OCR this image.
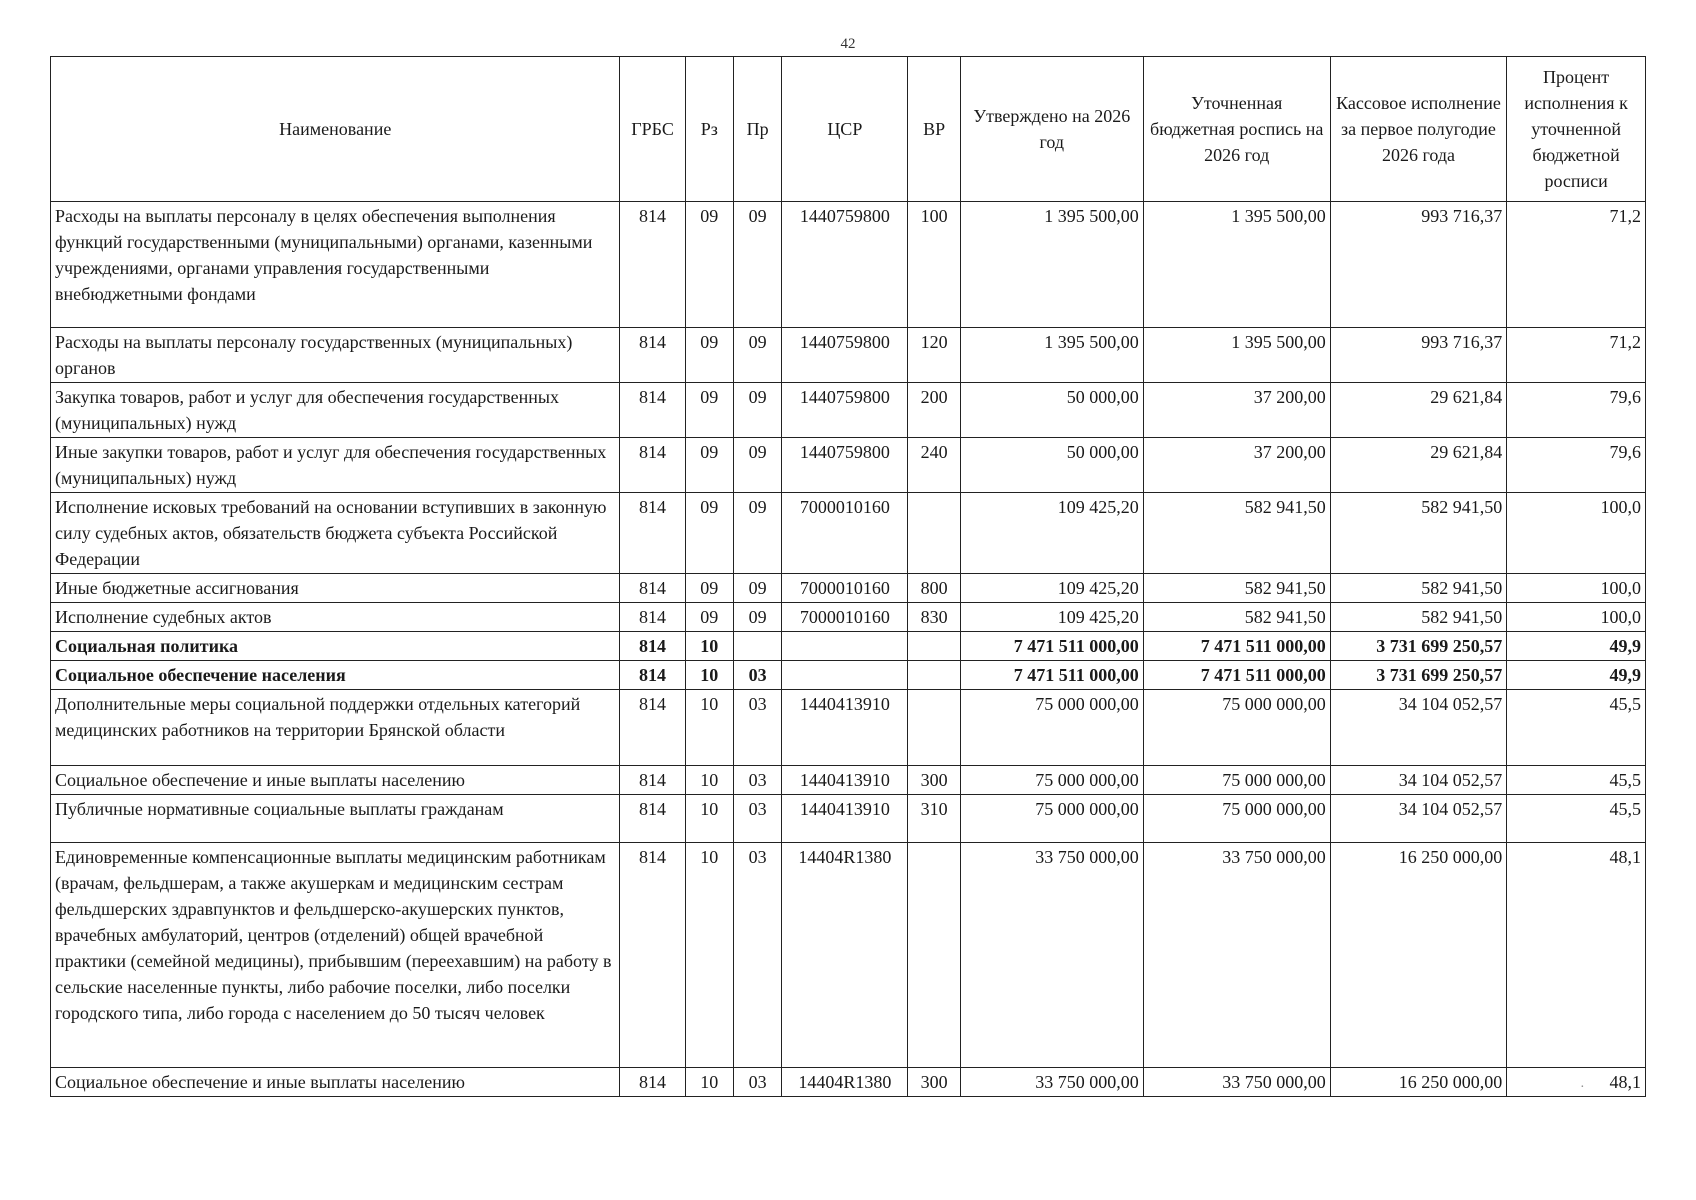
42
Наименование	ГРБС	Рз	Пр	ЦСР	ВР	Утверждено на 2026 год	Уточненная бюджетная роспись на 2026 год	Кассовое исполнение за первое полугодие 2026 года	Процент исполнения к уточненной бюджетной росписи
Расходы на выплаты персоналу в целях обеспечения выполнения функций государственными (муниципальными) органами, казенными учреждениями, органами управления государственными внебюджетными фондами	814	09	09	1440759800	100	1 395 500,00	1 395 500,00	993 716,37	71,2
Расходы на выплаты персоналу государственных (муниципальных) органов	814	09	09	1440759800	120	1 395 500,00	1 395 500,00	993 716,37	71,2
Закупка товаров, работ и услуг для обеспечения государственных (муниципальных) нужд	814	09	09	1440759800	200	50 000,00	37 200,00	29 621,84	79,6
Иные закупки товаров, работ и услуг для обеспечения государственных (муниципальных) нужд	814	09	09	1440759800	240	50 000,00	37 200,00	29 621,84	79,6
Исполнение исковых требований на основании вступивших в законную силу судебных актов, обязательств бюджета субъекта Российской Федерации	814	09	09	7000010160		109 425,20	582 941,50	582 941,50	100,0
Иные бюджетные ассигнования	814	09	09	7000010160	800	109 425,20	582 941,50	582 941,50	100,0
Исполнение судебных актов	814	09	09	7000010160	830	109 425,20	582 941,50	582 941,50	100,0
Социальная политика	814	10				7 471 511 000,00	7 471 511 000,00	3 731 699 250,57	49,9
Социальное обеспечение населения	814	10	03			7 471 511 000,00	7 471 511 000,00	3 731 699 250,57	49,9
Дополнительные меры социальной поддержки отдельных категорий медицинских работников на территории Брянской области	814	10	03	1440413910		75 000 000,00	75 000 000,00	34 104 052,57	45,5
Социальное обеспечение и иные выплаты населению	814	10	03	1440413910	300	75 000 000,00	75 000 000,00	34 104 052,57	45,5
Публичные нормативные социальные выплаты гражданам	814	10	03	1440413910	310	75 000 000,00	75 000 000,00	34 104 052,57	45,5
Единовременные компенсационные выплаты медицинским работникам (врачам, фельдшерам, а также акушеркам и медицинским сестрам фельдшерских здравпунктов и фельдшерско-акушерских пунктов, врачебных амбулаторий, центров (отделений) общей врачебной практики (семейной медицины), прибывшим (переехавшим) на работу в сельские населенные пункты, либо рабочие поселки, либо поселки городского типа, либо города с населением до 50 тысяч человек	814	10	03	14404R1380		33 750 000,00	33 750 000,00	16 250 000,00	48,1
Социальное обеспечение и иные выплаты населению	814	10	03	14404R1380	300	33 750 000,00	33 750 000,00	16 250 000,00	48,1
·
